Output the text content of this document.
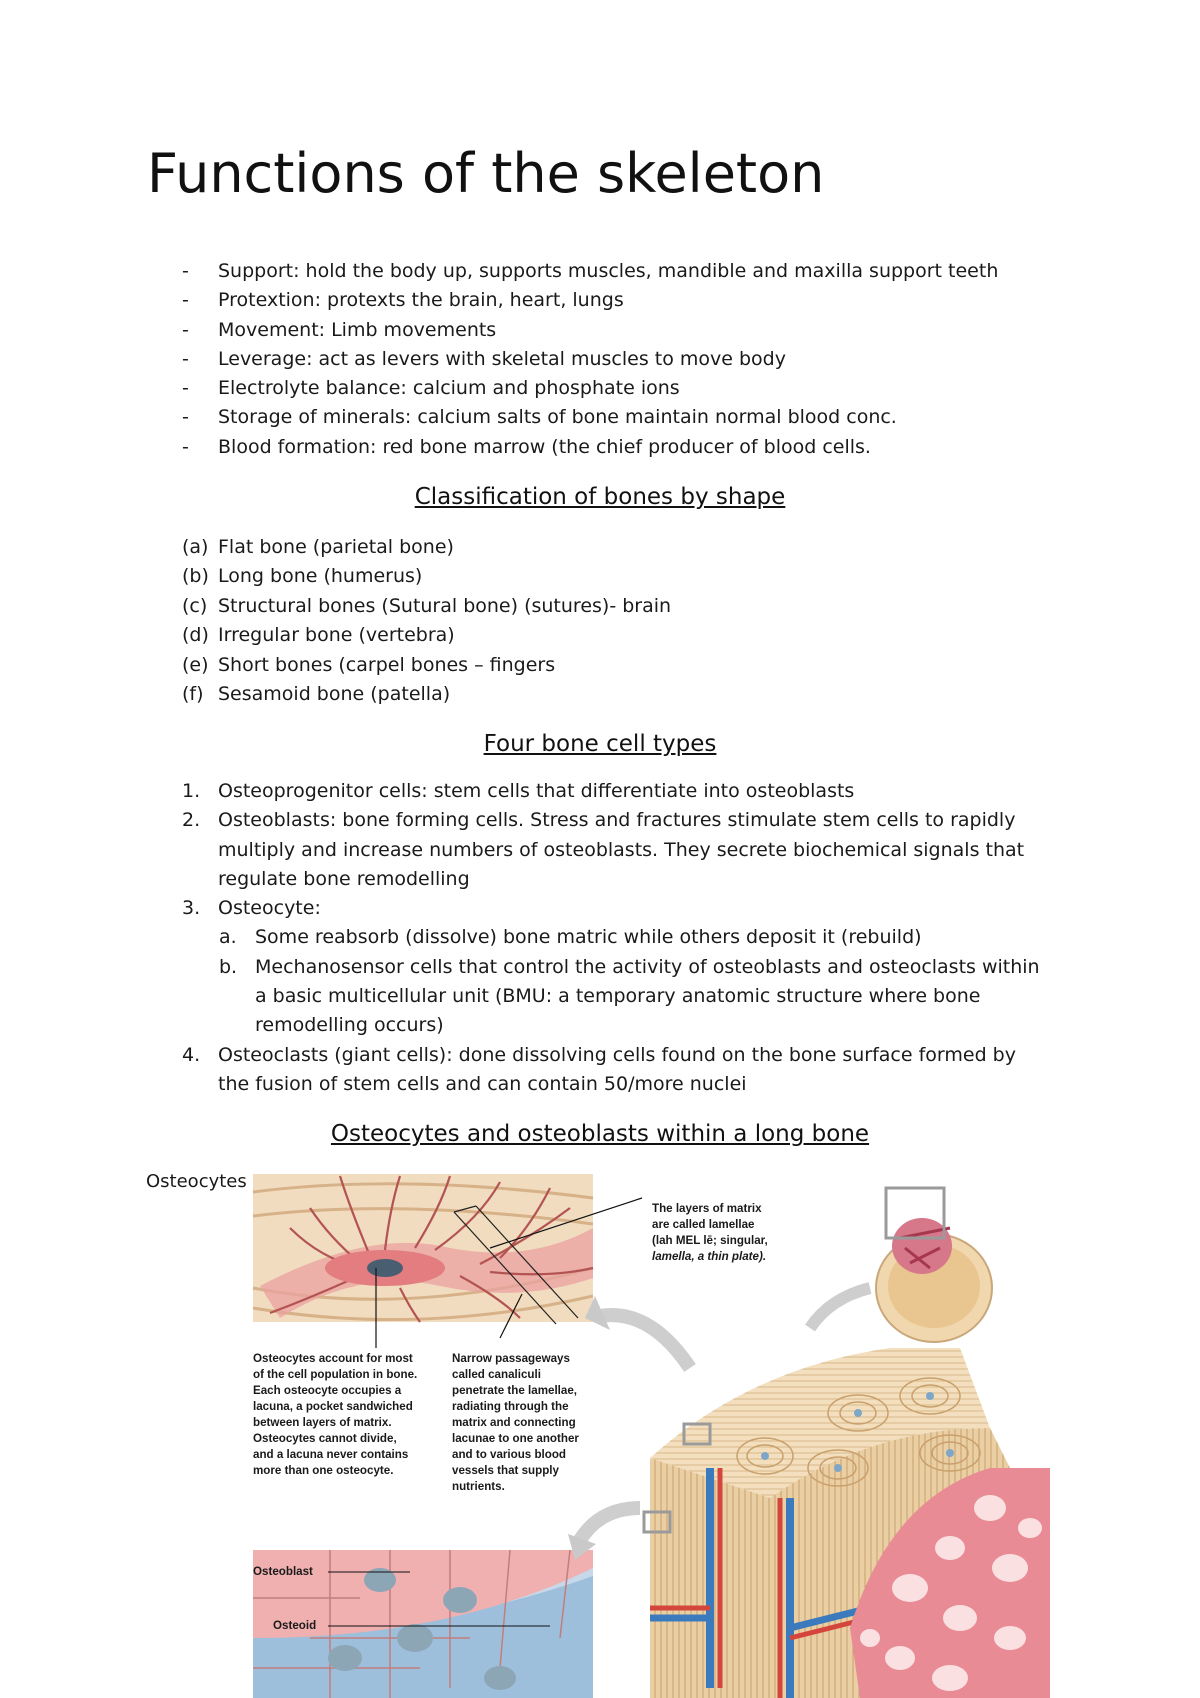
Functions of the skeleton
- Support: hold the body up, supports muscles, mandible and maxilla support teeth
- Protextion: protexts the brain, heart, lungs
- Movement: Limb movements
- Leverage: act as levers with skeletal muscles to move body
- Electrolyte balance: calcium and phosphate ions
- Storage of minerals: calcium salts of bone maintain normal blood conc.
- Blood formation: red bone marrow (the chief producer of blood cells.
Classification of bones by shape
(a) Flat bone (parietal bone)
(b) Long bone (humerus)
(c) Structural bones (Sutural bone) (sutures)- brain
(d) Irregular bone (vertebra)
(e) Short bones (carpel bones – fingers
(f) Sesamoid bone (patella)
Four bone cell types
1. Osteoprogenitor cells: stem cells that differentiate into osteoblasts
2. Osteoblasts: bone forming cells. Stress and fractures stimulate stem cells to rapidly multiply and increase numbers of osteoblasts. They secrete biochemical signals that regulate bone remodelling
3. Osteocyte:
a. Some reabsorb (dissolve) bone matric while others deposit it (rebuild)
b. Mechanosensor cells that control the activity of osteoblasts and osteoclasts within a basic multicellular unit (BMU: a temporary anatomic structure where bone remodelling occurs)
4. Osteoclasts (giant cells): done dissolving cells found on the bone surface formed by the fusion of stem cells and can contain 50/more nuclei
Osteocytes and osteoblasts within a long bone
Osteocytes
The layers of matrix
are called lamellae
(lah MEL lē; singular,
lamella, a thin plate).
Osteocytes account for most
of the cell population in bone.
Each osteocyte occupies a
lacuna, a pocket sandwiched
between layers of matrix.
Osteocytes cannot divide,
and a lacuna never contains
more than one osteocyte.
Narrow passageways
called canaliculi
penetrate the lamellae,
radiating through the
matrix and connecting
lacunae to one another
and to various blood
vessels that supply
nutrients.
Osteoblast
Osteoid
